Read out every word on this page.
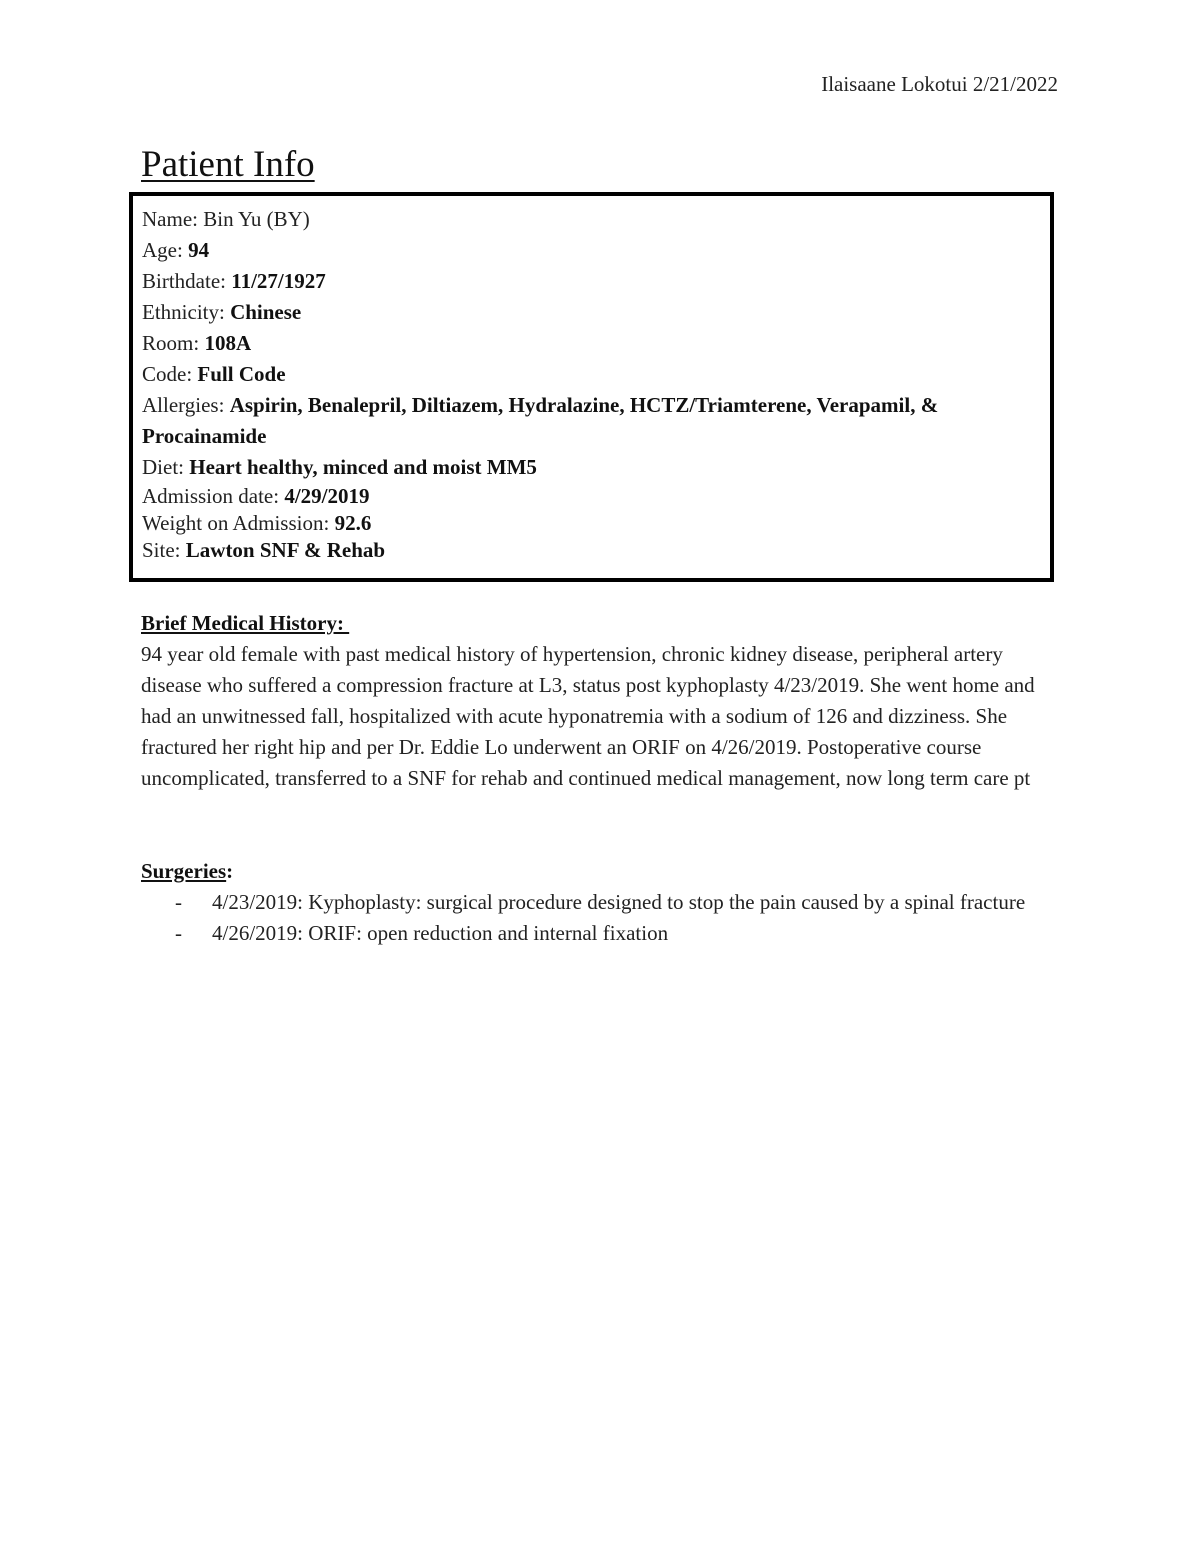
Ilaisaane Lokotui 2/21/2022
Patient Info
Name: Bin Yu (BY)
Age: 94
Birthdate: 11/27/1927
Ethnicity: Chinese
Room: 108A
Code: Full Code
Allergies: Aspirin, Benalepril, Diltiazem, Hydralazine, HCTZ/Triamterene, Verapamil, & Procainamide
Diet: Heart healthy, minced and moist MM5
Admission date: 4/29/2019
Weight on Admission: 92.6
Site: Lawton SNF & Rehab
Brief Medical History:

94 year old female with past medical history of hypertension, chronic kidney disease, peripheral artery disease who suffered a compression fracture at L3, status post kyphoplasty 4/23/2019. She went home and had an unwitnessed fall, hospitalized with acute hyponatremia with a sodium of 126 and dizziness. She fractured her right hip and per Dr. Eddie Lo underwent an ORIF on 4/26/2019. Postoperative course uncomplicated, transferred to a SNF for rehab and continued medical management, now long term care pt

Surgeries:
- 4/23/2019: Kyphoplasty: surgical procedure designed to stop the pain caused by a spinal fracture
- 4/26/2019: ORIF: open reduction and internal fixation
